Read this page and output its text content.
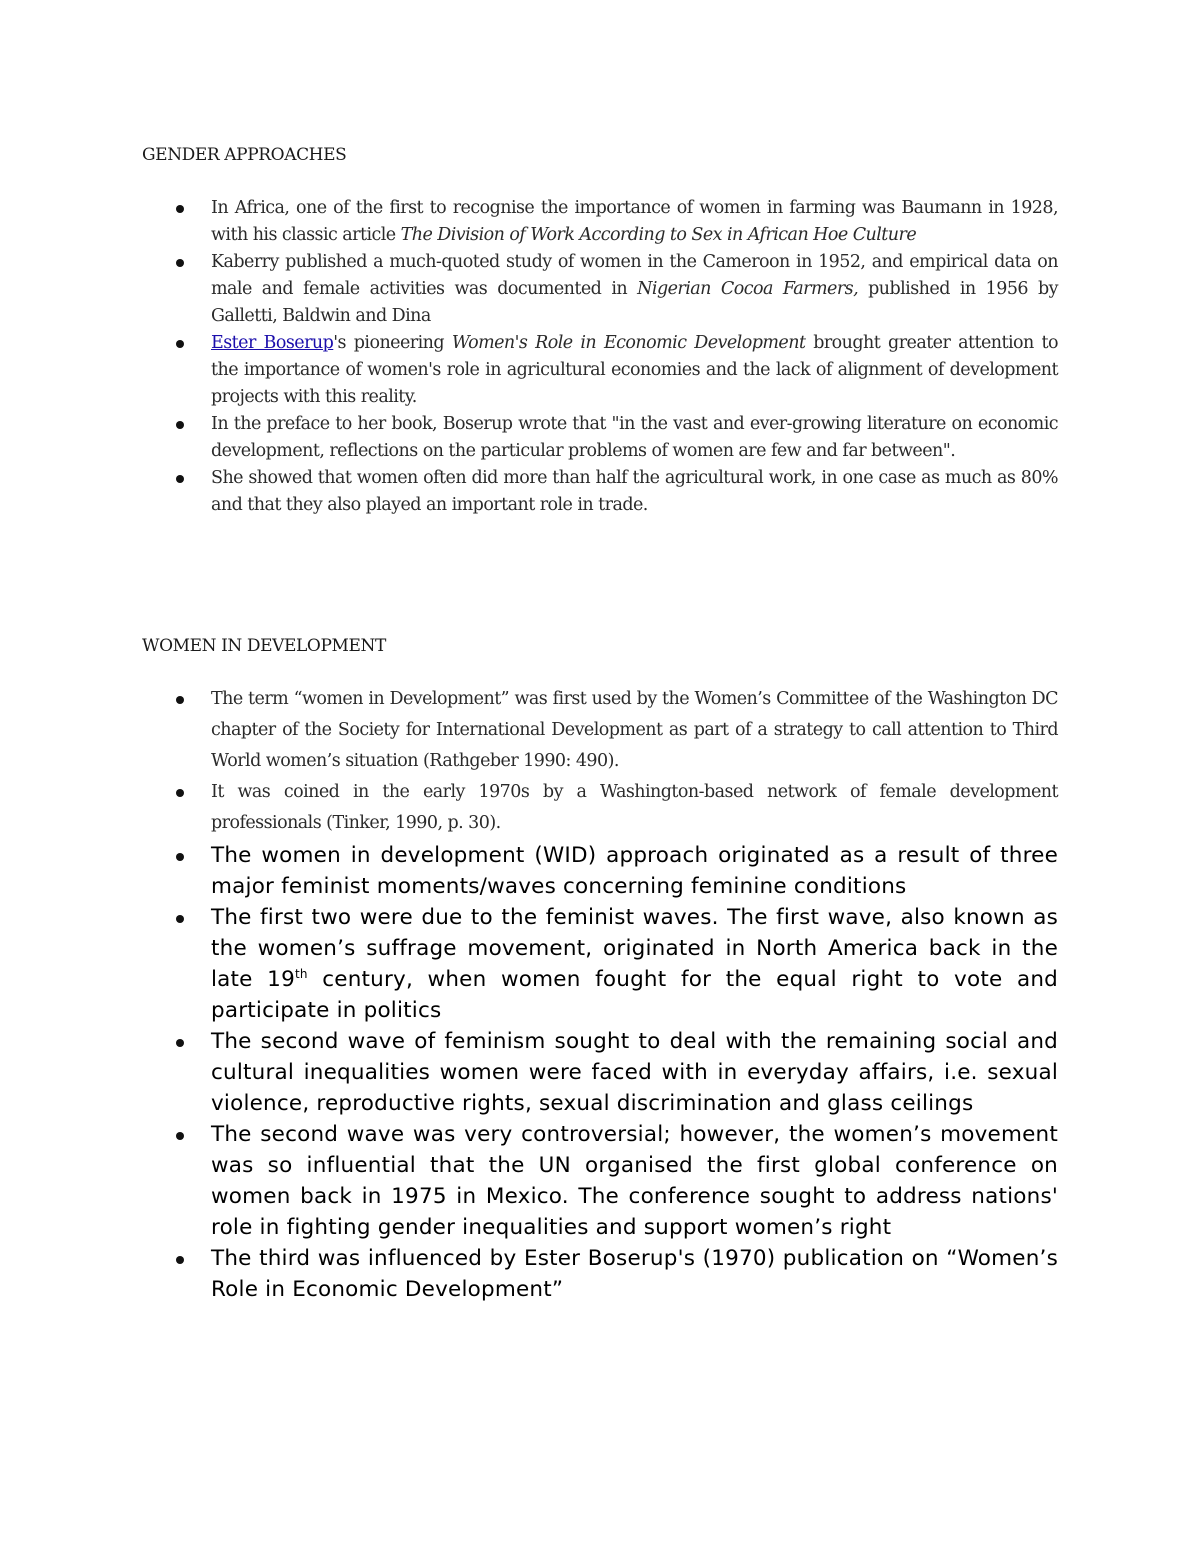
GENDER APPROACHES
In Africa, one of the first to recognise the importance of women in farming was Baumann in 1928, with his classic article The Division of Work According to Sex in African Hoe Culture
Kaberry published a much-quoted study of women in the Cameroon in 1952, and empirical data on male and female activities was documented in Nigerian Cocoa Farmers, published in 1956 by Galletti, Baldwin and Dina
Ester Boserup's pioneering Women's Role in Economic Development brought greater attention to the importance of women's role in agricultural economies and the lack of alignment of development projects with this reality.
In the preface to her book, Boserup wrote that "in the vast and ever-growing literature on economic development, reflections on the particular problems of women are few and far between".
She showed that women often did more than half the agricultural work, in one case as much as 80% and that they also played an important role in trade.
WOMEN IN DEVELOPMENT
The term “women in Development” was first used by the Women’s Committee of the Washington DC chapter of the Society for International Development as part of a strategy to call attention to Third World women’s situation (Rathgeber 1990: 490).
It was coined in the early 1970s by a Washington-based network of female development professionals (Tinker, 1990, p. 30).
The women in development (WID) approach originated as a result of three major feminist moments/waves concerning feminine conditions
The first two were due to the feminist waves. The first wave, also known as the women’s suffrage movement, originated in North America back in the late 19th century, when women fought for the equal right to vote and participate in politics
The second wave of feminism sought to deal with the remaining social and cultural inequalities women were faced with in everyday affairs, i.e. sexual violence, reproductive rights, sexual discrimination and glass ceilings
The second wave was very controversial; however, the women’s movement was so influential that the UN organised the first global conference on women back in 1975 in Mexico. The conference sought to address nations' role in fighting gender inequalities and support women’s right
The third was influenced by Ester Boserup's (1970) publication on “Women’s Role in Economic Development”
